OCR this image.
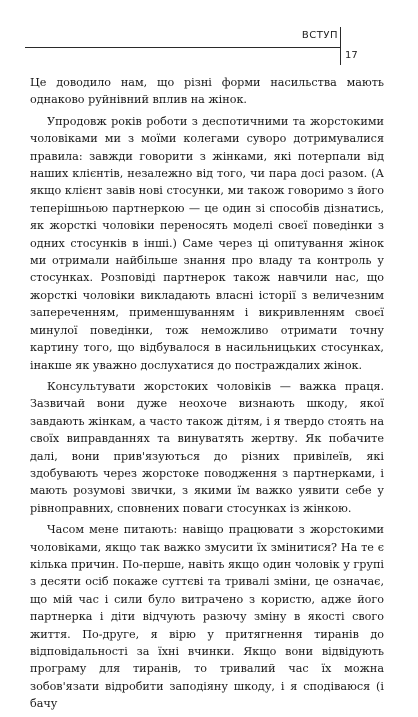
ВСТУП
17

Це доводило нам, що різні форми насильства мають однаково руйнівний вплив на жінок.

Упродовж років роботи з деспотичними та жорстокими чоловіками ми з моїми колегами суворо дотримувалися правила: завжди говорити з жінками, які потерпали від наших клієнтів, незалежно від того, чи пара досі разом. (А якщо клієнт завів нові стосунки, ми також говоримо з його теперішньою партнеркою — це один зі способів дізнатись, як жорсткі чоловіки переносять моделі своєї поведінки з одних стосунків в інші.) Саме через ці опитування жінок ми отримали найбільше знання про владу та контроль у стосунках. Розповіді партнерок також навчили нас, що жорсткі чоловіки викладають власні історії з величезним запереченням, применшуванням і викривленням своєї минулої поведінки, тож неможливо отримати точну картину того, що відбувалося в насильницьких стосунках, інакше як уважно дослухатися до постраждалих жінок.

Консультувати жорстоких чоловіків — важка праця. Зазвичай вони дуже неохоче визнають шкоду, якої завдають жінкам, а часто також дітям, і я твердо стоять на своїх виправданнях та винуватять жертву. Як побачите далі, вони прив'язуються до різних привілеїв, які здобувають через жорстоке поводження з партнерками, і мають розумові звички, з якими їм важко уявити себе у рівноправних, сповнених поваги стосунках із жінкою.

Часом мене питають: навіщо працювати з жорстокими чоловіками, якщо так важко змусити їх змінитися? На те є кілька причин. По-перше, навіть якщо один чоловік у групі з десяти осіб покаже суттєві та тривалі зміни, це означає, що мій час і сили було витрачено з користю, адже його партнерка і діти відчують разючу зміну в якості свого життя. По-друге, я вірю у притягнення тиранів до відповідальності за їхні вчинки. Якщо вони відвідують програму для тиранів, то тривалий час їх можна зобов'язати відробити заподіяну шкоду, і я сподіваюся (і бачу
